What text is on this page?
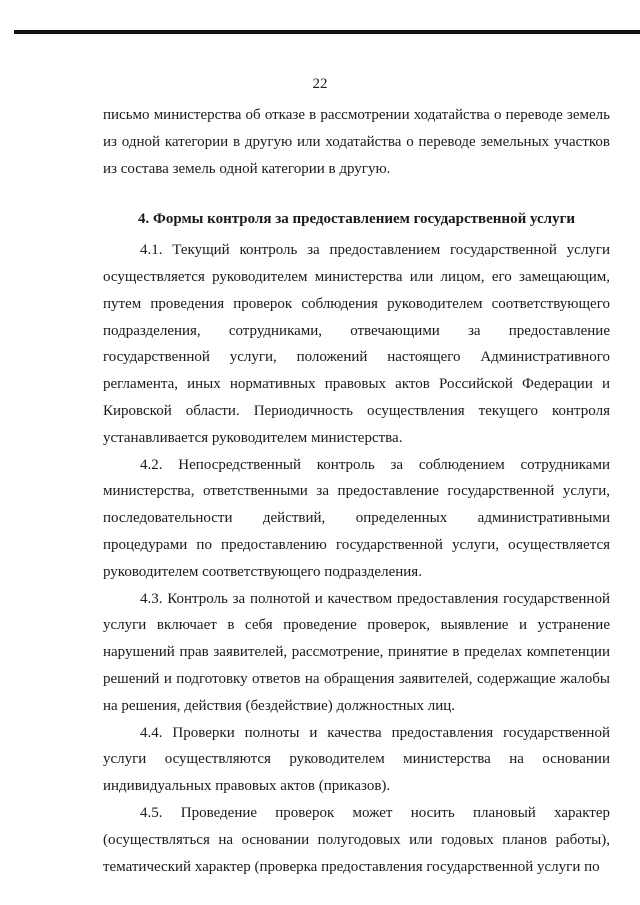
22

письмо министерства об отказе в рассмотрении ходатайства о переводе земель из одной категории в другую или ходатайства о переводе земельных участков из состава земель одной категории в другую.

4. Формы контроля за предоставлением государственной услуги

4.1. Текущий контроль за предоставлением государственной услуги осуществляется руководителем министерства или лицом, его замещающим, путем проведения проверок соблюдения руководителем соответствующего подразделения, сотрудниками, отвечающими за предоставление государственной услуги, положений настоящего Административного регламента, иных нормативных правовых актов Российской Федерации и Кировской области. Периодичность осуществления текущего контроля устанавливается руководителем министерства.

4.2. Непосредственный контроль за соблюдением сотрудниками министерства, ответственными за предоставление государственной услуги, последовательности действий, определенных административными процедурами по предоставлению государственной услуги, осуществляется руководителем соответствующего подразделения.

4.3. Контроль за полнотой и качеством предоставления государственной услуги включает в себя проведение проверок, выявление и устранение нарушений прав заявителей, рассмотрение, принятие в пределах компетенции решений и подготовку ответов на обращения заявителей, содержащие жалобы на решения, действия (бездействие) должностных лиц.

4.4. Проверки полноты и качества предоставления государственной услуги осуществляются руководителем министерства на основании индивидуальных правовых актов (приказов).

4.5. Проведение проверок может носить плановый характер (осуществляться на основании полугодовых или годовых планов работы), тематический характер (проверка предоставления государственной услуги по
